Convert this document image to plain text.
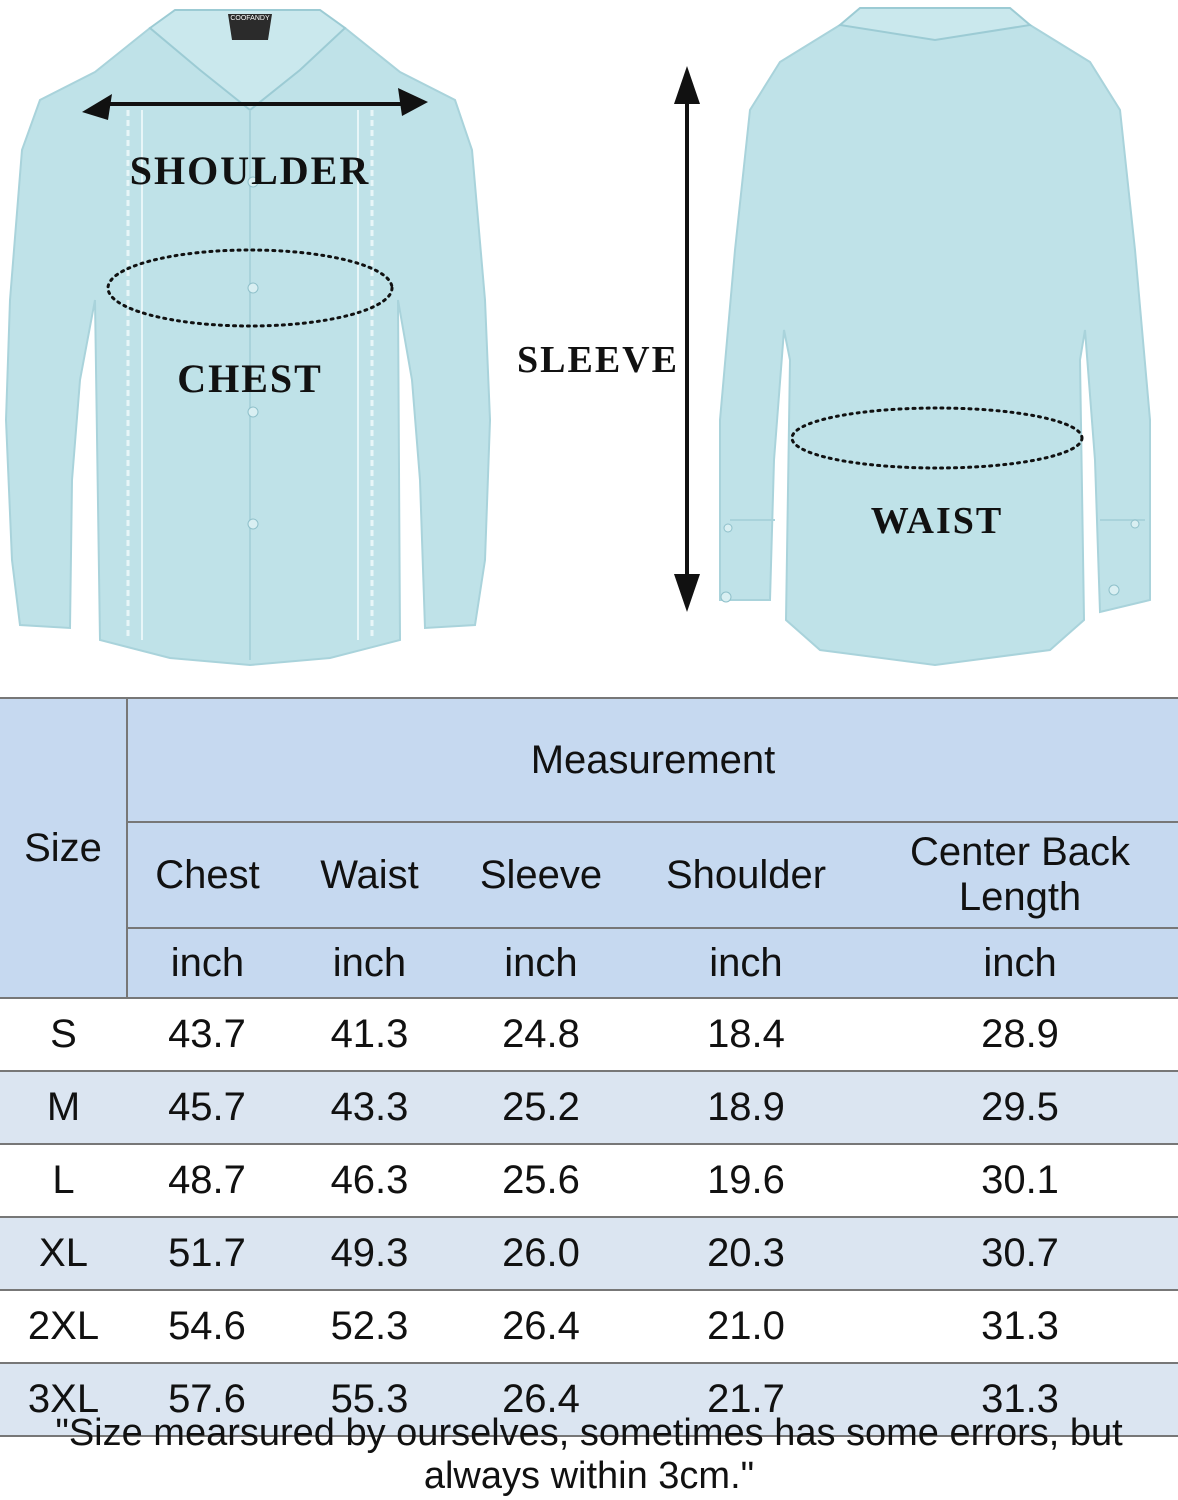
COOFANDY
SHOULDER
CHEST	SLEEVE
WAIST
Size	Measurement				
	Chest	Waist	Sleeve	Shoulder	Center Back Length
	inch	inch	inch	inch	inch
S	43.7	41.3	24.8	18.4	28.9
M	45.7	43.3	25.2	18.9	29.5
L	48.7	46.3	25.6	19.6	30.1
XL	51.7	49.3	26.0	20.3	30.7
2XL	54.6	52.3	26.4	21.0	31.3
3XL	57.6	55.3	26.4	21.7	31.3
"Size mearsured by ourselves, sometimes has some errors, but always within 3cm."
